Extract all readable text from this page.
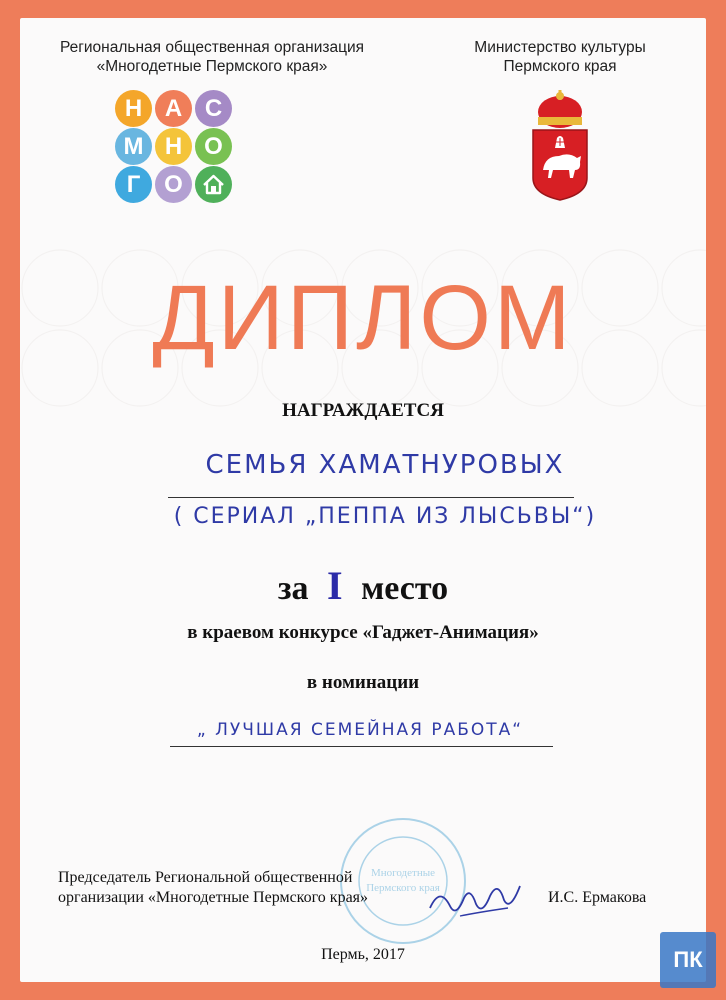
Региональная общественная организация
«Многодетные Пермского края»
Министерство культуры
Пермского края
Н А С
М Н О
Г О
ДИПЛОМ
НАГРАЖДАЕТСЯ
СЕМЬЯ ХАМАТНУРОВЫХ
( СЕРИАЛ „ПЕППА ИЗ ЛЫСЬВЫ“)
за I место
в краевом конкурсе «Гаджет-Анимация»
в номинации
„ ЛУЧШАЯ СЕМЕЙНАЯ РАБОТА“
Многодетные
Пермского края
Председатель Региональной общественной
организации «Многодетные Пермского края»	И.С. Ермакова
Пермь, 2017	ПК
